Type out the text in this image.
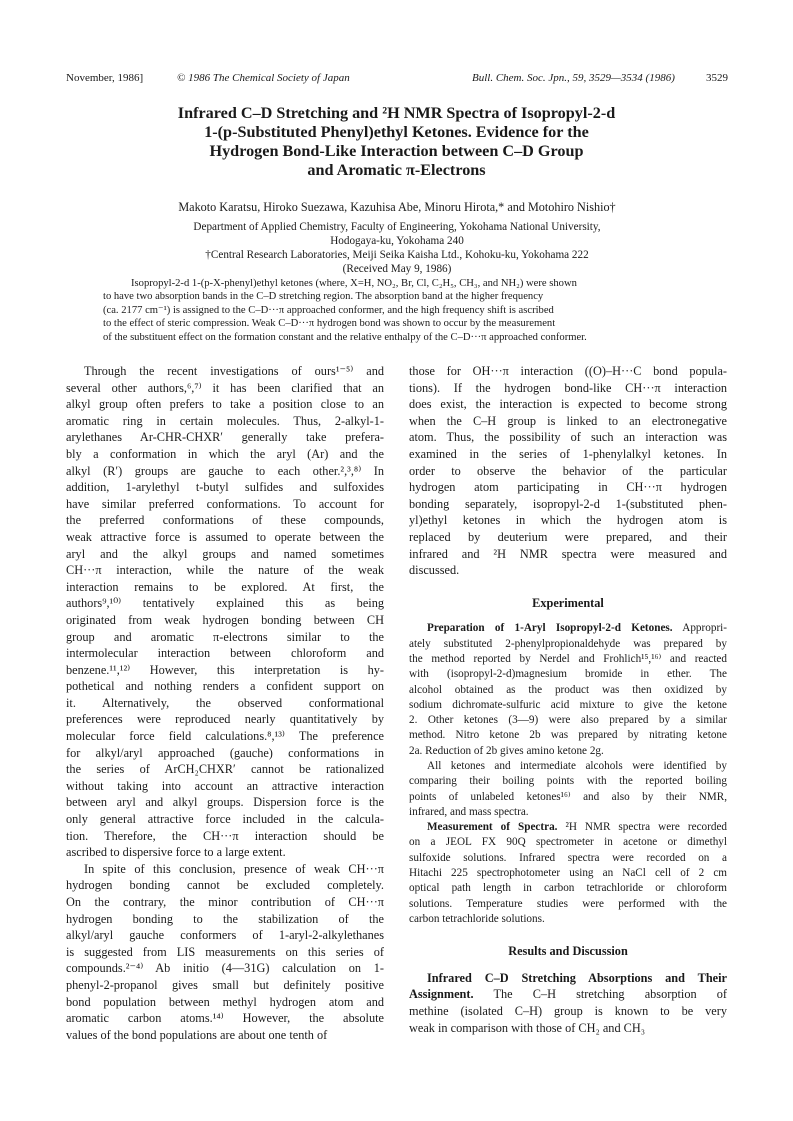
November, 1986]	© 1986 The Chemical Society of Japan	Bull. Chem. Soc. Jpn., 59, 3529—3534 (1986)	3529
Infrared C–D Stretching and ²H NMR Spectra of Isopropyl-2-d
1-(p-Substituted Phenyl)ethyl Ketones. Evidence for the
Hydrogen Bond-Like Interaction between C–D Group
and Aromatic π-Electrons
Makoto Karatsu, Hiroko Suezawa, Kazuhisa Abe, Minoru Hirota,* and Motohiro Nishio†
Department of Applied Chemistry, Faculty of Engineering, Yokohama National University,
Hodogaya-ku, Yokohama 240
†Central Research Laboratories, Meiji Seika Kaisha Ltd., Kohoku-ku, Yokohama 222
(Received May 9, 1986)
Isopropyl-2-d 1-(p-X-phenyl)ethyl ketones (where, X=H, NO₂, Br, Cl, C₂H₅, CH₃, and NH₂) were shown
to have two absorption bands in the C–D stretching region. The absorption band at the higher frequency
(ca. 2177 cm⁻¹) is assigned to the C–D···π approached conformer, and the high frequency shift is ascribed
to the effect of steric compression. Weak C–D···π hydrogen bond was shown to occur by the measurement
of the substituent effect on the formation constant and the relative enthalpy of the C–D···π approached conformer.
Through the recent investigations of ours¹⁻⁵⁾ and
several other authors,⁶,⁷⁾ it has been clarified that an
alkyl group often prefers to take a position close to an
aromatic ring in certain molecules. Thus, 2-alkyl-1-
arylethanes Ar-CHR-CHXR′ generally take prefera-
bly a conformation in which the aryl (Ar) and the
alkyl (R′) groups are gauche to each other.²,³,⁸⁾ In
addition, 1-arylethyl t-butyl sulfides and sulfoxides
have similar preferred conformations. To account for
the preferred conformations of these compounds,
weak attractive force is assumed to operate between the
aryl and the alkyl groups and named sometimes
CH···π interaction, while the nature of the weak
interaction remains to be explored. At first, the
authors⁹,¹⁰⁾ tentatively explained this as being
originated from weak hydrogen bonding between CH
group and aromatic π-electrons similar to the
intermolecular interaction between chloroform and
benzene.¹¹,¹²⁾ However, this interpretation is hy-
pothetical and nothing renders a confident support on
it. Alternatively, the observed conformational
preferences were reproduced nearly quantitatively by
molecular force field calculations.⁸,¹³⁾ The preference
for alkyl/aryl approached (gauche) conformations in
the series of ArCH₂CHXR′ cannot be rationalized
without taking into account an attractive interaction
between aryl and alkyl groups. Dispersion force is the
only general attractive force included in the calcula-
tion. Therefore, the CH···π interaction should be
ascribed to dispersive force to a large extent.
In spite of this conclusion, presence of weak CH···π
hydrogen bonding cannot be excluded completely.
On the contrary, the minor contribution of CH···π
hydrogen bonding to the stabilization of the
alkyl/aryl gauche conformers of 1-aryl-2-alkylethanes
is suggested from LIS measurements on this series of
compounds.²⁻⁴⁾ Ab initio (4—31G) calculation on 1-
phenyl-2-propanol gives small but definitely positive
bond population between methyl hydrogen atom and
aromatic carbon atoms.¹⁴⁾ However, the absolute
values of the bond populations are about one tenth of
those for OH···π interaction ((O)–H···C bond popula-
tions). If the hydrogen bond-like CH···π interaction
does exist, the interaction is expected to become strong
when the C–H group is linked to an electronegative
atom. Thus, the possibility of such an interaction was
examined in the series of 1-phenylalkyl ketones. In
order to observe the behavior of the particular
hydrogen atom participating in CH···π hydrogen
bonding separately, isopropyl-2-d 1-(substituted phen-
yl)ethyl ketones in which the hydrogen atom is
replaced by deuterium were prepared, and their
infrared and ²H NMR spectra were measured and
discussed.
Experimental
Preparation of 1-Aryl Isopropyl-2-d Ketones. Appropri-
ately substituted 2-phenylpropionaldehyde was prepared by
the method reported by Nerdel and Frohlich¹⁵,¹⁶⁾ and reacted
with (isopropyl-2-d)magnesium bromide in ether. The
alcohol obtained as the product was then oxidized by
sodium dichromate-sulfuric acid mixture to give the ketone
2. Other ketones (3—9) were also prepared by a similar
method. Nitro ketone 2b was prepared by nitrating ketone
2a. Reduction of 2b gives amino ketone 2g.
All ketones and intermediate alcohols were identified by
comparing their boiling points with the reported boiling
points of unlabeled ketones¹⁶⁾ and also by their NMR,
infrared, and mass spectra.
Measurement of Spectra. ²H NMR spectra were recorded
on a JEOL FX 90Q spectrometer in acetone or dimethyl
sulfoxide solutions. Infrared spectra were recorded on a
Hitachi 225 spectrophotometer using an NaCl cell of 2 cm
optical path length in carbon tetrachloride or chloroform
solutions. Temperature studies were performed with the
carbon tetrachloride solutions.
Results and Discussion
Infrared C–D Stretching Absorptions and Their
Assignment. The C–H stretching absorption of
methine (isolated C–H) group is known to be very
weak in comparison with those of CH₂ and CH₃
